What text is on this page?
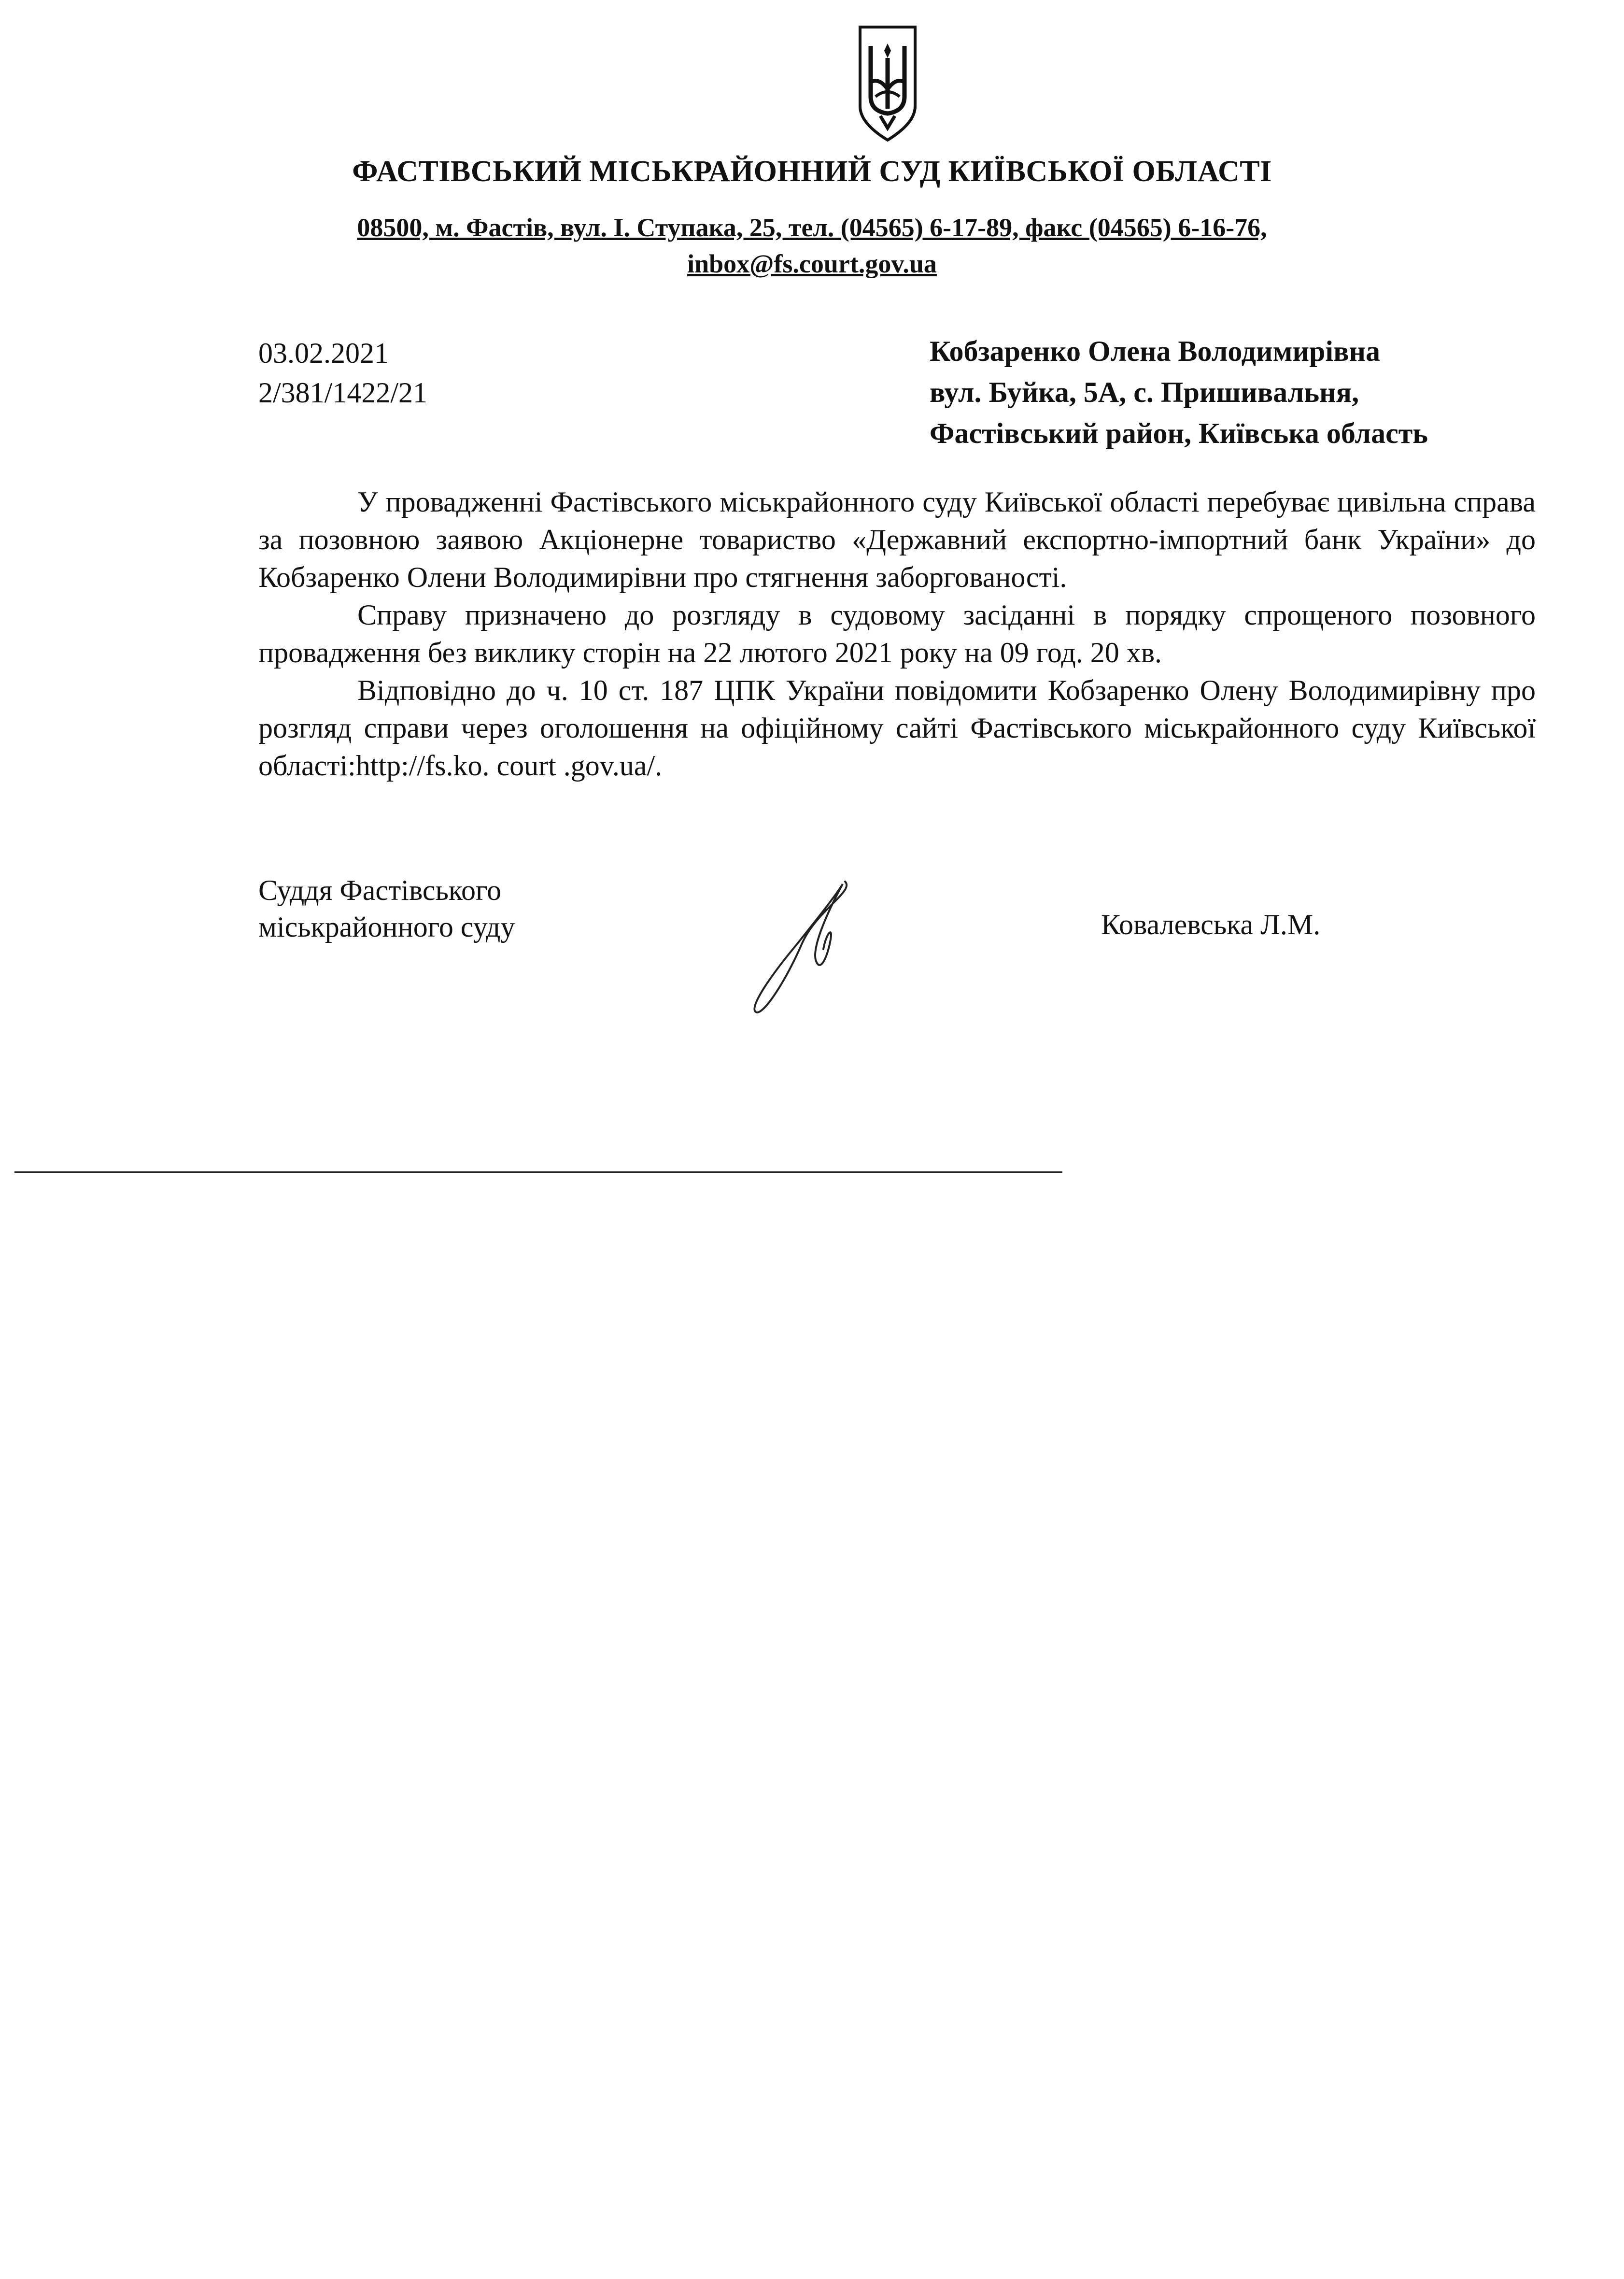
ФАСТІВСЬКИЙ МІСЬКРАЙОННИЙ СУД КИЇВСЬКОЇ ОБЛАСТІ
08500, м. Фастів, вул. І. Ступака, 25, тел. (04565) 6-17-89, факс (04565) 6-16-76,
inbox@fs.court.gov.ua
03.02.2021
2/381/1422/21
Кобзаренко Олена Володимирівна
вул. Буйка, 5А, с. Пришивальня,
Фастівський район, Київська область

У провадженні Фастівського міськрайонного суду Київської області перебуває цивільна справа за позовною заявою Акціонерне товариство «Державний експортно-імпортний банк України» до Кобзаренко Олени Володимирівни про стягнення заборгованості.

Справу призначено до розгляду в судовому засіданні в порядку спрощеного позовного провадження без виклику сторін на 22 лютого 2021 року на 09 год. 20 хв.

Відповідно до ч. 10 ст. 187 ЦПК України повідомити Кобзаренко Олену Володимирівну про розгляд справи через оголошення на офіційному сайті Фастівського міськрайонного суду Київської області:http://fs.ko. court .gov.ua/.

Суддя Фастівського
міськрайонного суду	Ковалевська Л.М.
